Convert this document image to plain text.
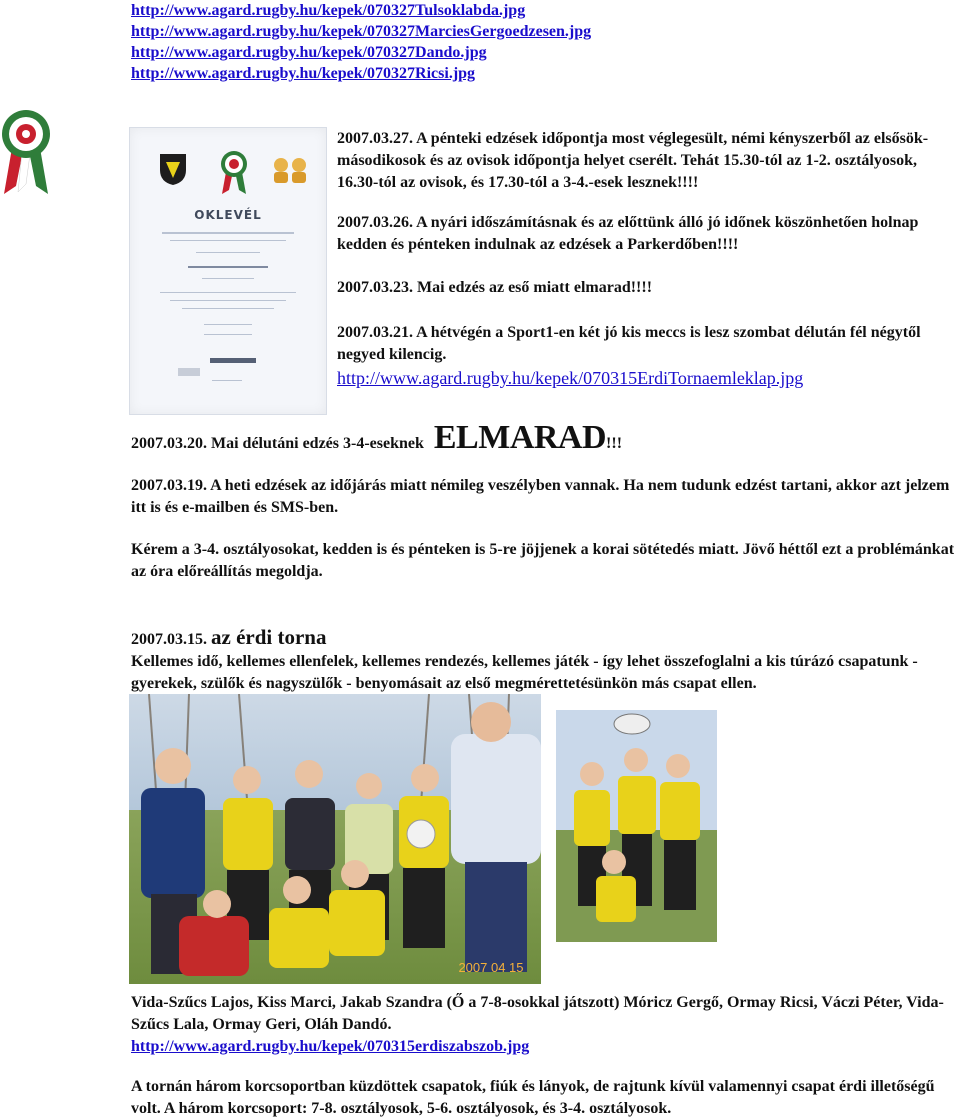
http://www.agard.rugby.hu/kepek/070327Tulsoklabda.jpg
http://www.agard.rugby.hu/kepek/070327MarciesGergoedzesen.jpg
http://www.agard.rugby.hu/kepek/070327Dando.jpg
http://www.agard.rugby.hu/kepek/070327Ricsi.jpg
OKLEVÉL

2007.03.27. A pénteki edzések időpontja most véglegesült, némi kényszerből az elsősök-másodikosok és az ovisok időpontja helyet cserélt. Tehát 15.30-tól az 1-2. osztályosok, 16.30-tól az ovisok, és 17.30-tól a 3-4.-esek lesznek!!!!

2007.03.26. A nyári időszámításnak és az előttünk álló jó időnek köszönhetően holnap kedden és pénteken indulnak az edzések a Parkerdőben!!!!

2007.03.23. Mai edzés az eső miatt elmarad!!!!

2007.03.21. A hétvégén a Sport1-en két jó kis meccs is lesz szombat délután fél négytől negyed kilencig.

http://www.agard.rugby.hu/kepek/070315ErdiTornaemleklap.jpg

2007.03.20. Mai délutáni edzés 3-4-eseknek ELMARAD!!!

2007.03.19. A heti edzések az időjárás miatt némileg veszélyben vannak. Ha nem tudunk edzést tartani, akkor azt jelzem itt is és e-mailben és SMS-ben.

Kérem a 3-4. osztályosokat, kedden is és pénteken is 5-re jöjjenek a korai sötétedés miatt. Jövő héttől ezt a problémánkat az óra előreállítás megoldja.

2007.03.15. az érdi torna

Kellemes idő, kellemes ellenfelek, kellemes rendezés, kellemes játék - így lehet összefoglalni a kis túrázó csapatunk - gyerekek, szülők és nagyszülők - benyomásait az első megmérettetésünkön más csapat ellen.

2007 04 15

Vida-Szűcs Lajos, Kiss Marci, Jakab Szandra (Ő a 7-8-osokkal játszott) Móricz Gergő, Ormay Ricsi, Váczi Péter, Vida-Szűcs Lala, Ormay Geri, Oláh Dandó.

http://www.agard.rugby.hu/kepek/070315erdiszabszob.jpg

A tornán három korcsoportban küzdöttek csapatok, fiúk és lányok, de rajtunk kívül valamennyi csapat érdi illetőségű volt. A három korcsoport: 7-8. osztályosok, 5-6. osztályosok, és 3-4. osztályosok.
